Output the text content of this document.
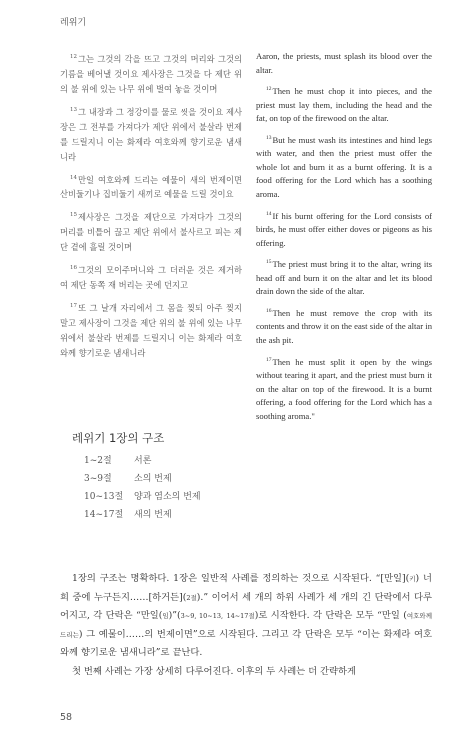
레위기

$^{12}$그는 그것의 각을 뜨고 그것의 머리와 그것의 기름을 베어낼 것이요 제사장은 그것을 다 제단 위의 불 위에 있는 나무 위에 벌여 놓을 것이며

$^{13}$그 내장과 그 정강이를 물로 씻을 것이요 제사장은 그 전부를 가져다가 제단 위에서 불살라 번제를 드릴지니 이는 화제라 여호와께 향기로운 냄새니라

$^{14}$만일 여호와께 드리는 예물이 새의 번제이면 산비둘기나 집비둘기 새끼로 예물을 드릴 것이요

$^{15}$제사장은 그것을 제단으로 가져다가 그것의 머리를 비틀어 끊고 제단 위에서 불사르고 피는 제단 곁에 흘릴 것이며

$^{16}$그것의 모이주머니와 그 더러운 것은 제거하여 제단 동쪽 재 버리는 곳에 던지고

$^{17}$또 그 날개 자리에서 그 몸을 찢되 아주 찢지 말고 제사장이 그것을 제단 위의 불 위에 있는 나무 위에서 불살라 번제를 드릴지니 이는 화제라 여호와께 향기로운 냄새니라

Aaron, the priests, must splash its blood over the altar.

$^{12}$Then he must chop it into pieces, and the priest must lay them, including the head and the fat, on top of the firewood on the altar.

$^{13}$But he must wash its intestines and hind legs with water, and then the priest must offer the whole lot and burn it as a burnt offering. It is a food offering for the Lord which has a soothing aroma.

$^{14}$If his burnt offering for the Lord consists of birds, he must offer either doves or pigeons as his offering.

$^{15}$The priest must bring it to the altar, wring its head off and burn it on the altar and let its blood drain down the side of the altar.

$^{16}$Then he must remove the crop with its contents and throw it on the east side of the altar in the ash pit.

$^{17}$Then he must split it open by the wings without tearing it apart, and the priest must burn it on the altar on top of the firewood. It is a burnt offering, a food offering for the Lord which has a soothing aroma."

레위기 1장의 구조
1~2절	서론
3~9절	소의 번제
10~13절	양과 염소의 번제
14~17절	새의 번제

1장의 구조는 명확하다. 1장은 일반적 사례를 정의하는 것으로 시작된다. “[만일](키) 너희 중에 누구든지……[하거든](2절).” 이어서 세 개의 하위 사례가 세 개의 긴 단락에서 다루어지고, 각 단락은 “만일(임)”(3~9, 10~13, 14~17절)로 시작한다. 각 단락은 모두 “만일 (여호와께 드리는) 그 예물이……의 번제이면”으로 시작된다. 그리고 각 단락은 모두 “이는 화제라 여호와께 향기로운 냄새니라”로 끝난다.

첫 번째 사례는 가장 상세히 다루어진다. 이후의 두 사례는 더 간략하게

58
